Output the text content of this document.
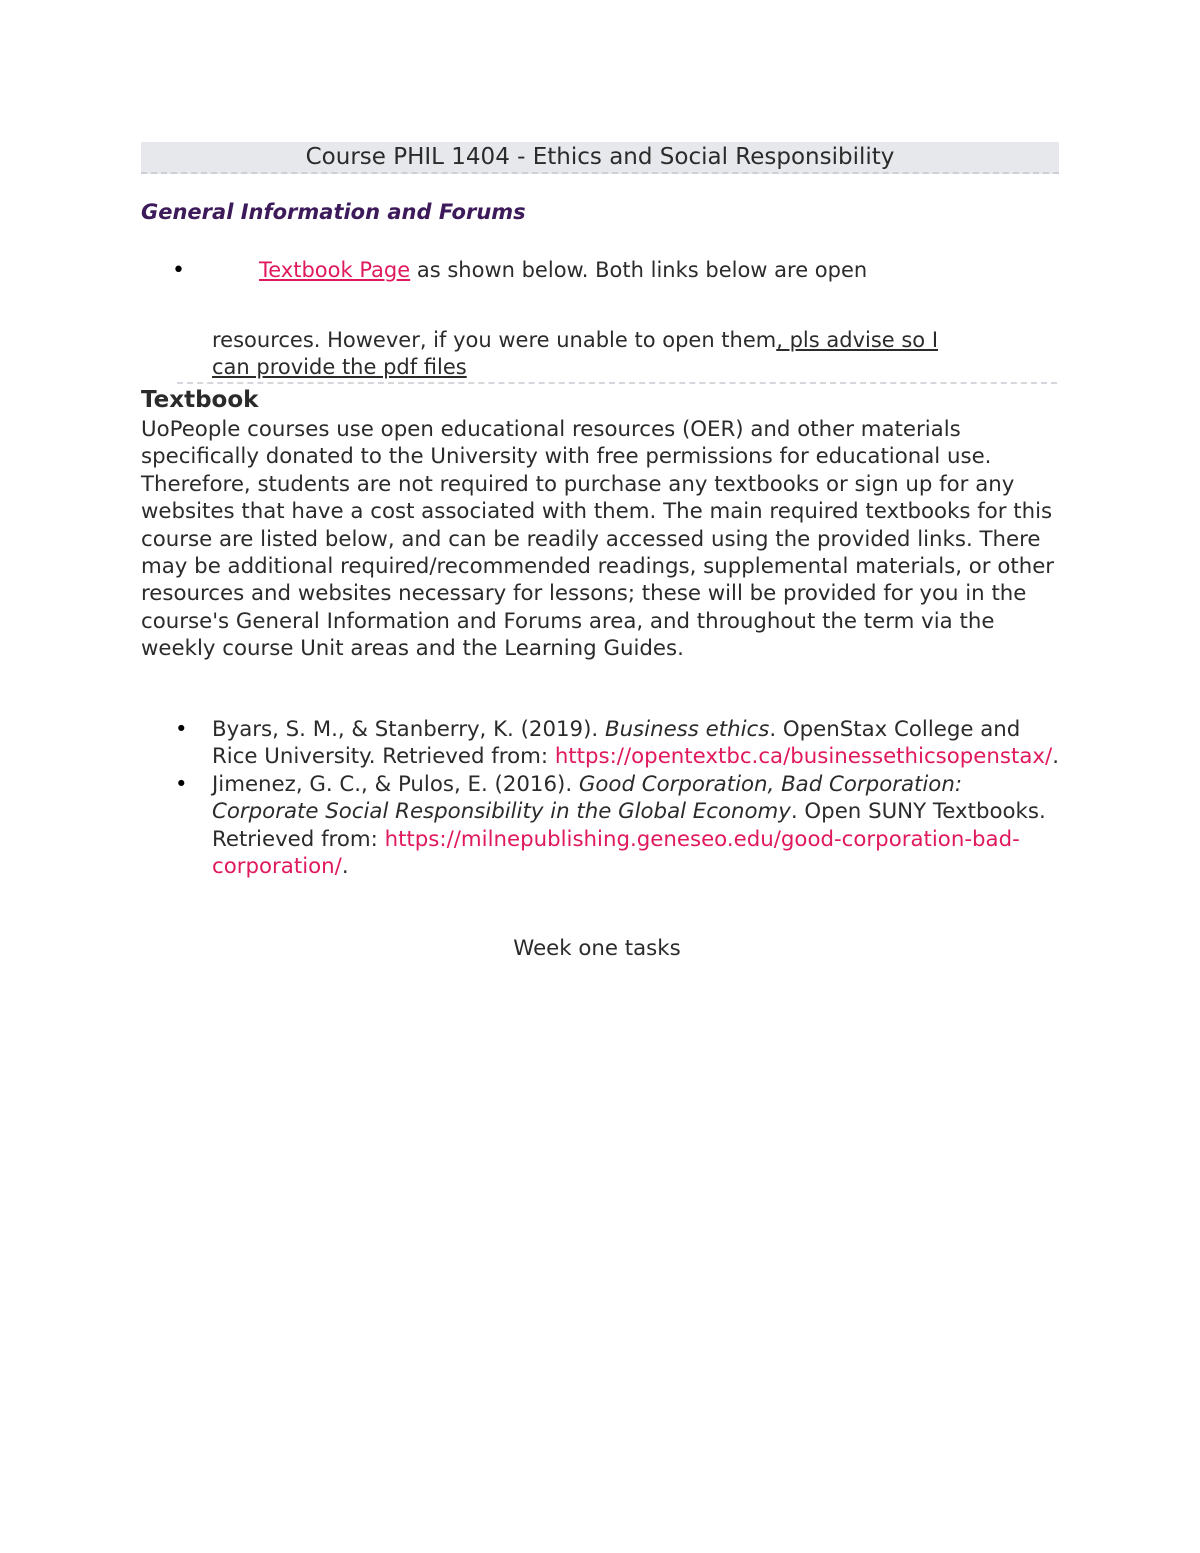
Course PHIL 1404 - Ethics and Social Responsibility
General Information and Forums
•	Textbook Page as shown below. Both links below are open
resources. However, if you were unable to open them, pls advise so I
can provide the pdf files
Textbook
UoPeople courses use open educational resources (OER) and other materials specifically donated to the University with free permissions for educational use. Therefore, students are not required to purchase any textbooks or sign up for any websites that have a cost associated with them. The main required textbooks for this course are listed below, and can be readily accessed using the provided links. There may be additional required/recommended readings, supplemental materials, or other resources and websites necessary for lessons; these will be provided for you in the course's General Information and Forums area, and throughout the term via the weekly course Unit areas and the Learning Guides.
• Byars, S. M., & Stanberry, K. (2019). Business ethics. OpenStax College and Rice University. Retrieved from: https://opentextbc.ca/businessethicsopenstax/.
• Jimenez, G. C., & Pulos, E. (2016). Good Corporation, Bad Corporation: Corporate Social Responsibility in the Global Economy. Open SUNY Textbooks. Retrieved from: https://milnepublishing.geneseo.edu/good-corporation-bad-corporation/.
Week one tasks
